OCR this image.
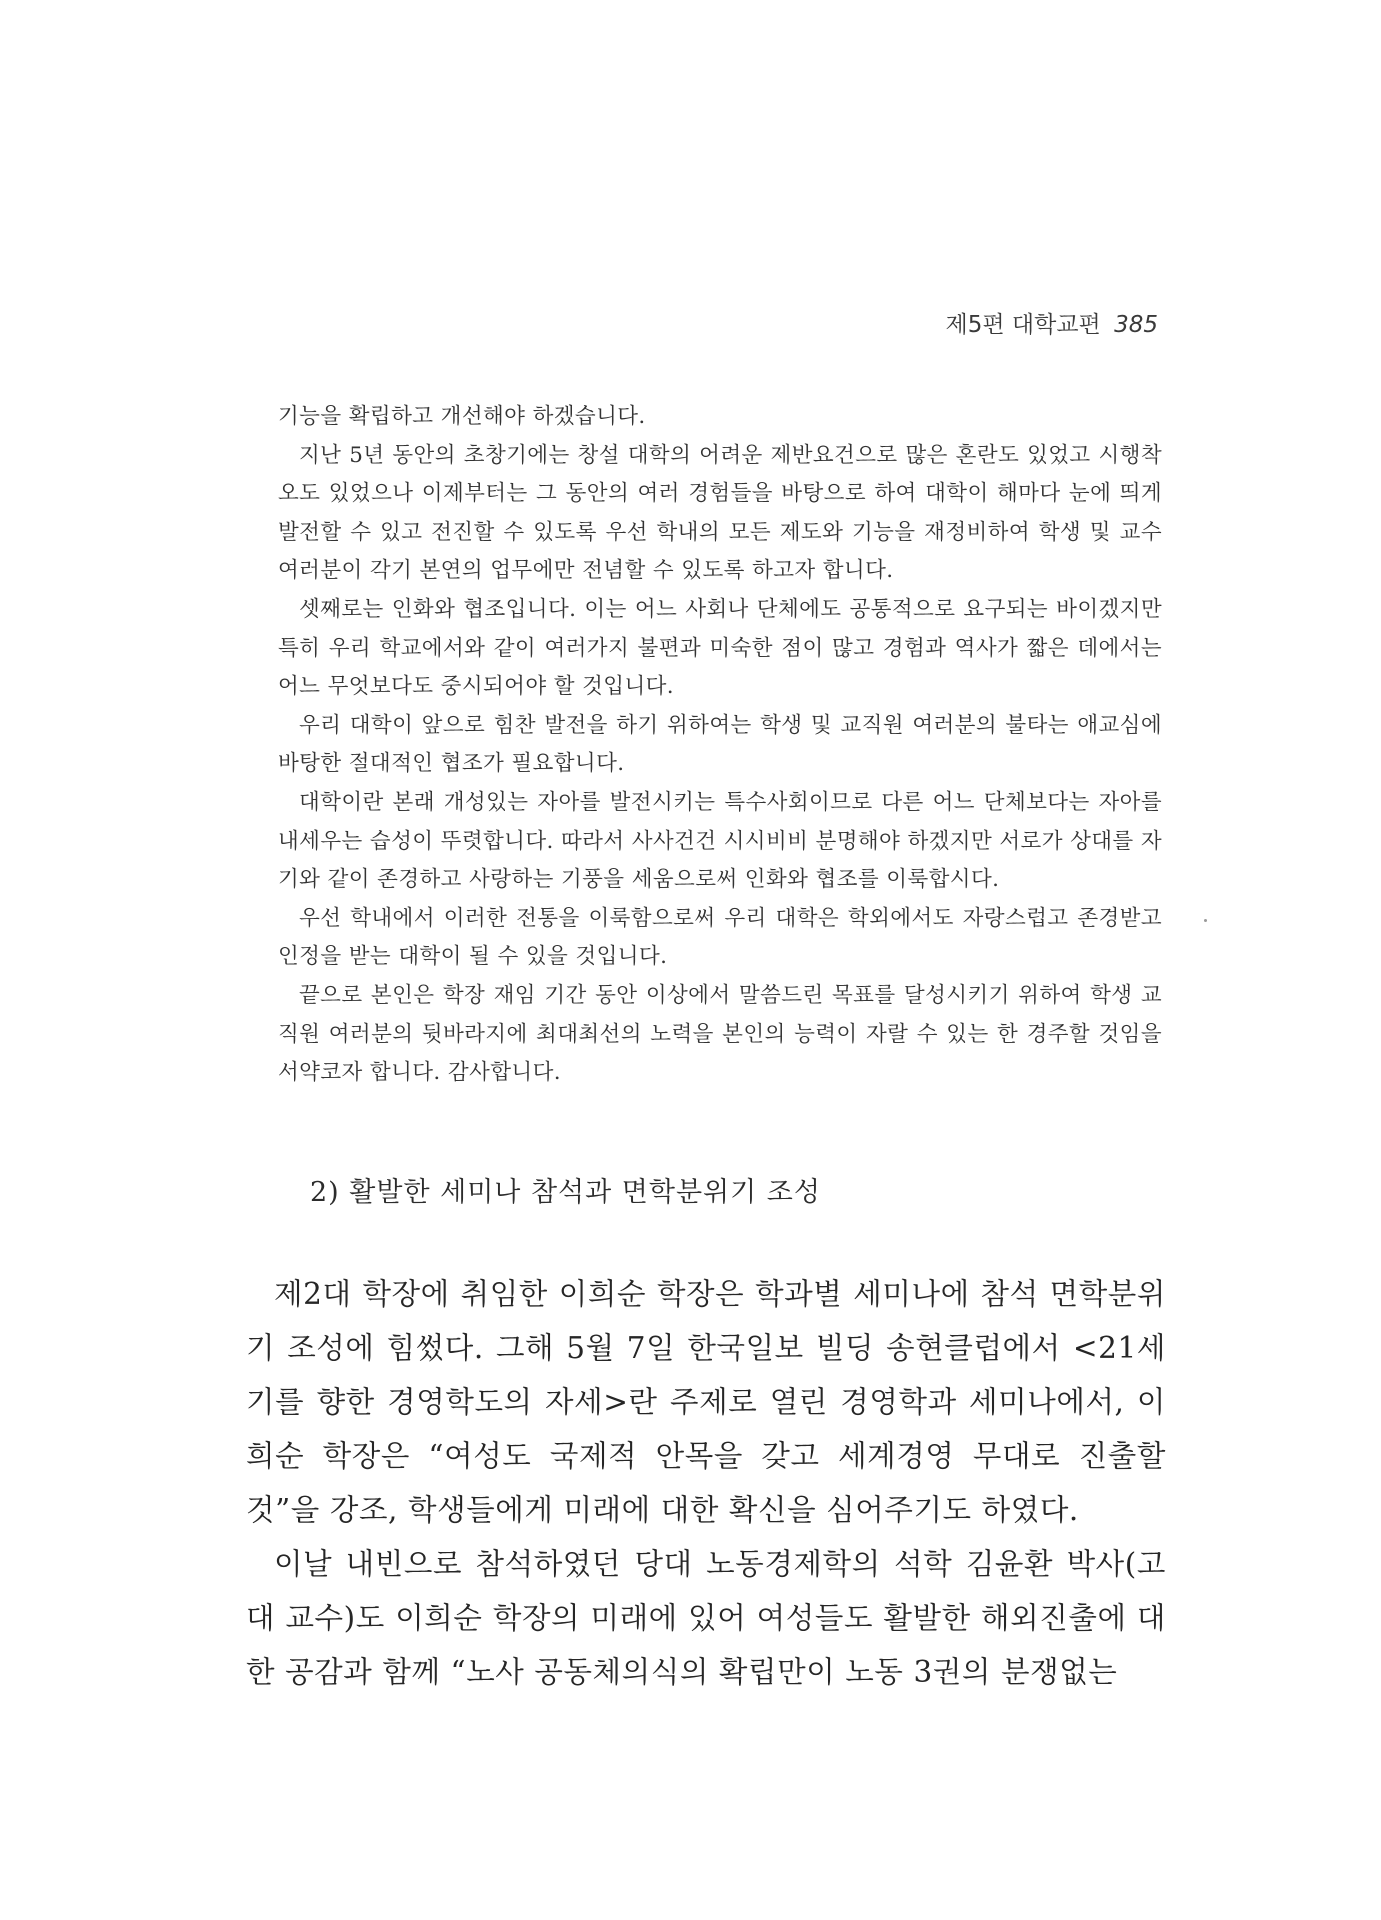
제5편 대학교편 385

기능을 확립하고 개선해야 하겠습니다.

지난 5년 동안의 초창기에는 창설 대학의 어려운 제반요건으로 많은 혼란도 있었고 시행착오도 있었으나 이제부터는 그 동안의 여러 경험들을 바탕으로 하여 대학이 해마다 눈에 띄게 발전할 수 있고 전진할 수 있도록 우선 학내의 모든 제도와 기능을 재정비하여 학생 및 교수 여러분이 각기 본연의 업무에만 전념할 수 있도록 하고자 합니다.

셋째로는 인화와 협조입니다. 이는 어느 사회나 단체에도 공통적으로 요구되는 바이겠지만 특히 우리 학교에서와 같이 여러가지 불편과 미숙한 점이 많고 경험과 역사가 짧은 데에서는 어느 무엇보다도 중시되어야 할 것입니다.

우리 대학이 앞으로 힘찬 발전을 하기 위하여는 학생 및 교직원 여러분의 불타는 애교심에 바탕한 절대적인 협조가 필요합니다.

대학이란 본래 개성있는 자아를 발전시키는 특수사회이므로 다른 어느 단체보다는 자아를 내세우는 습성이 뚜렷합니다. 따라서 사사건건 시시비비 분명해야 하겠지만 서로가 상대를 자기와 같이 존경하고 사랑하는 기풍을 세움으로써 인화와 협조를 이룩합시다.

우선 학내에서 이러한 전통을 이룩함으로써 우리 대학은 학외에서도 자랑스럽고 존경받고 인정을 받는 대학이 될 수 있을 것입니다.

끝으로 본인은 학장 재임 기간 동안 이상에서 말씀드린 목표를 달성시키기 위하여 학생 교직원 여러분의 뒷바라지에 최대최선의 노력을 본인의 능력이 자랄 수 있는 한 경주할 것임을 서약코자 합니다. 감사합니다.

2) 활발한 세미나 참석과 면학분위기 조성

제2대 학장에 취임한 이희순 학장은 학과별 세미나에 참석 면학분위기 조성에 힘썼다. 그해 5월 7일 한국일보 빌딩 송현클럽에서 <21세기를 향한 경영학도의 자세>란 주제로 열린 경영학과 세미나에서, 이희순 학장은 “여성도 국제적 안목을 갖고 세계경영 무대로 진출할 것”을 강조, 학생들에게 미래에 대한 확신을 심어주기도 하였다.

이날 내빈으로 참석하였던 당대 노동경제학의 석학 김윤환 박사(고대 교수)도 이희순 학장의 미래에 있어 여성들도 활발한 해외진출에 대한 공감과 함께 “노사 공동체의식의 확립만이 노동 3권의 분쟁없는
